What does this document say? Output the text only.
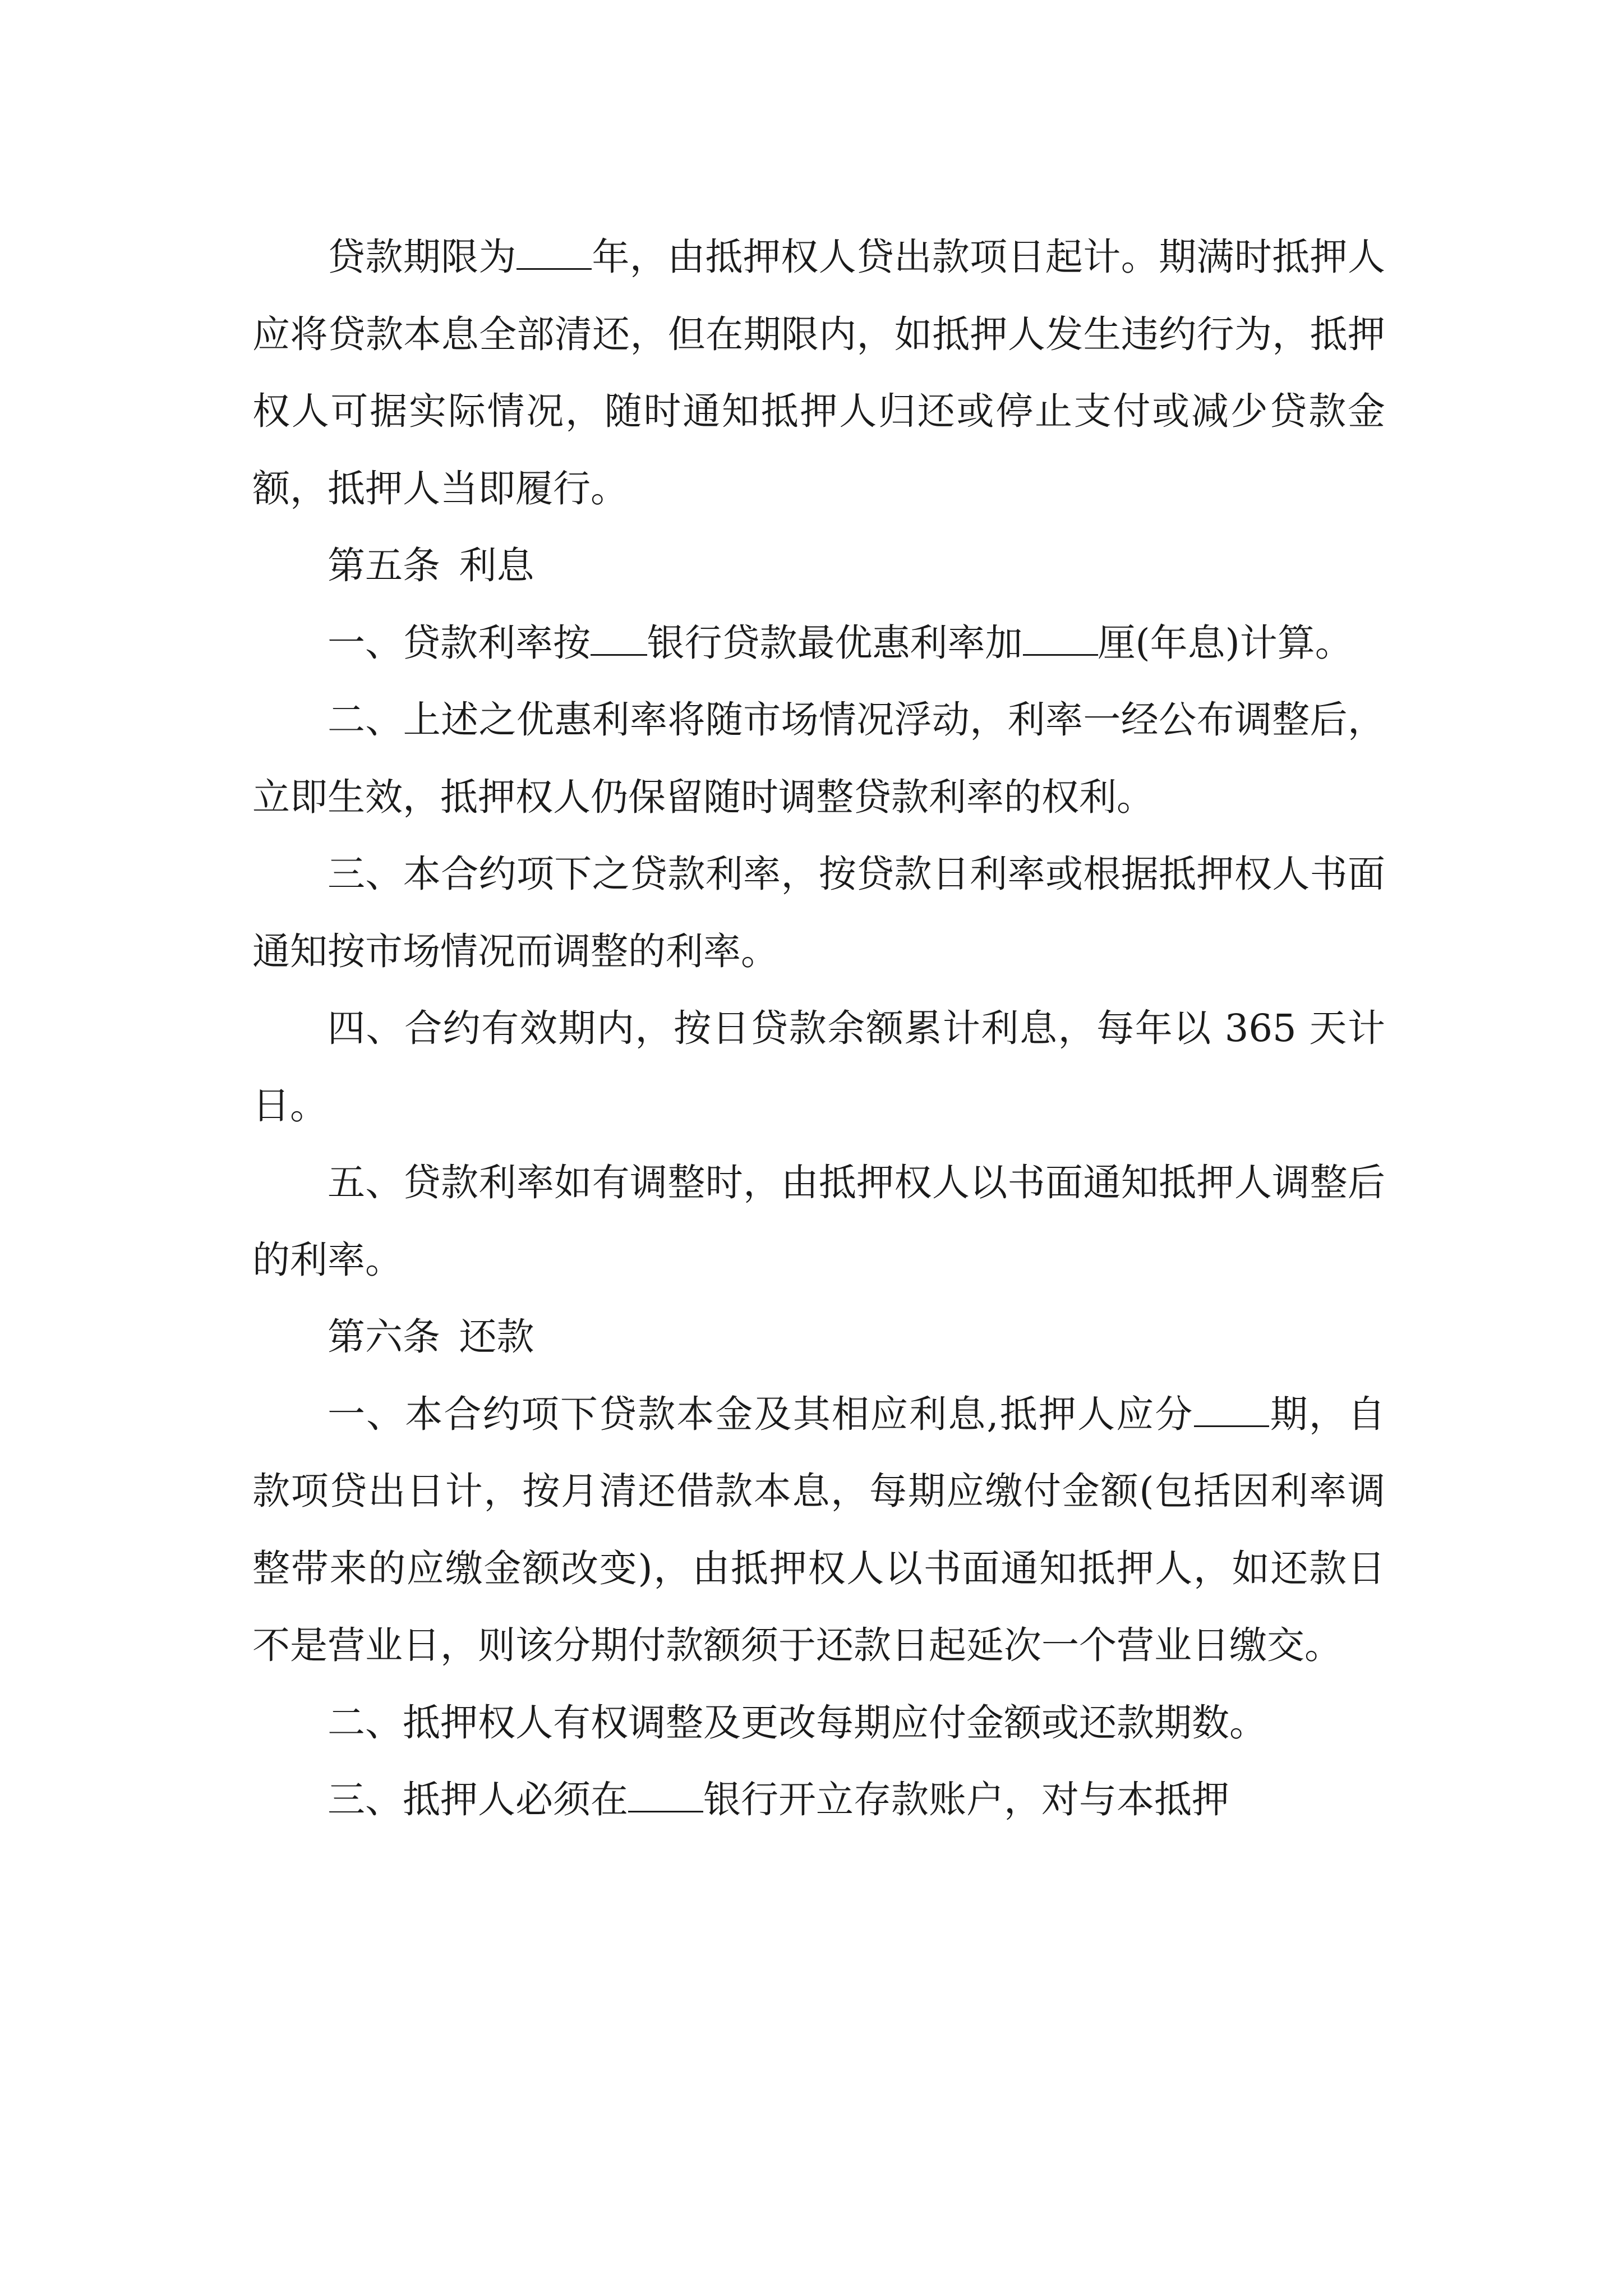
贷款期限为 年，由抵押权人贷出款项日起计。期满时抵押人应将贷款本息全部清还，但在期限内，如抵押人发生违约行为，抵押权人可据实际情况，随时通知抵押人归还或停止支付或减少贷款金额，抵押人当即履行。

第五条 利息

一、贷款利率按 银行贷款最优惠利率加 厘(年息)计算。

二、上述之优惠利率将随市场情况浮动，利率一经公布调整后，立即生效，抵押权人仍保留随时调整贷款利率的权利。

三、本合约项下之贷款利率，按贷款日利率或根据抵押权人书面通知按市场情况而调整的利率。

四、合约有效期内，按日贷款余额累计利息，每年以 365 天计日。

五、贷款利率如有调整时，由抵押权人以书面通知抵押人调整后的利率。

第六条 还款

一、本合约项下贷款本金及其相应利息,抵押人应分 期，自款项贷出日计，按月清还借款本息，每期应缴付金额(包括因利率调整带来的应缴金额改变)，由抵押权人以书面通知抵押人，如还款日不是营业日，则该分期付款额须于还款日起延次一个营业日缴交。

二、抵押权人有权调整及更改每期应付金额或还款期数。

三、抵押人必须在 银行开立存款账户，对与本抵押
